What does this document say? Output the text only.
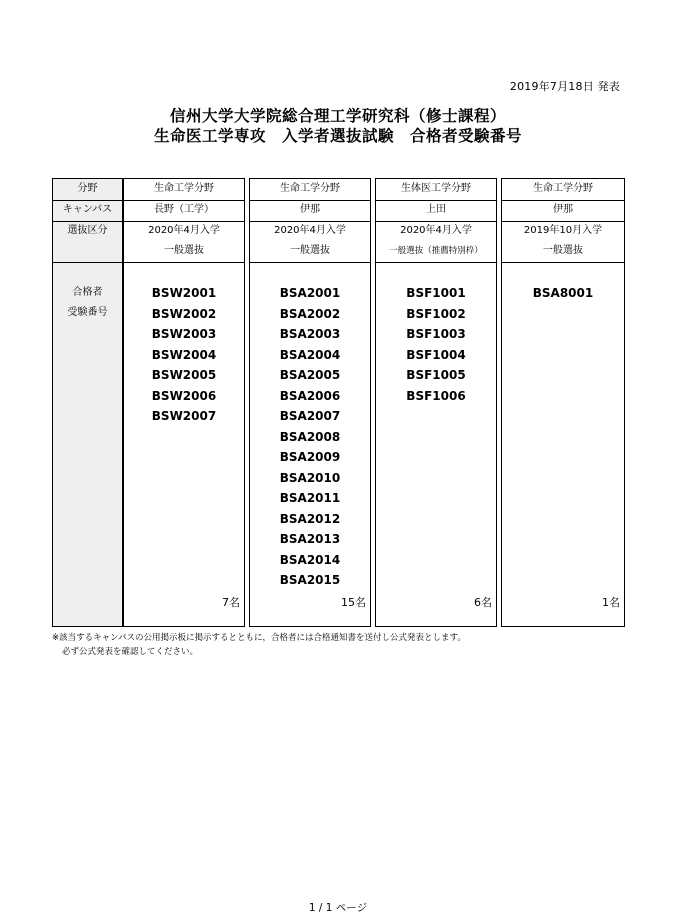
2019年7月18日 発表
信州大学大学院総合理工学研究科（修士課程）
生命医工学専攻　入学者選抜試験　合格者受験番号
分野
キャンパス
選抜区分
合格者
受験番号
生命工学分野
長野（工学）
2020年4月入学
一般選抜
BSW2001
BSW2002
BSW2003
BSW2004
BSW2005
BSW2006
BSW2007
7名
生命工学分野
伊那
2020年4月入学
一般選抜
BSA2001
BSA2002
BSA2003
BSA2004
BSA2005
BSA2006
BSA2007
BSA2008
BSA2009
BSA2010
BSA2011
BSA2012
BSA2013
BSA2014
BSA2015
15名
生体医工学分野
上田
2020年4月入学
一般選抜（推薦特別枠）
BSF1001
BSF1002
BSF1003
BSF1004
BSF1005
BSF1006
6名
生命工学分野
伊那
2019年10月入学
一般選抜
BSA8001
1名
※該当するキャンパスの公用掲示板に掲示するとともに，合格者には合格通知書を送付し公式発表とします。
必ず公式発表を確認してください。
1 / 1 ページ
